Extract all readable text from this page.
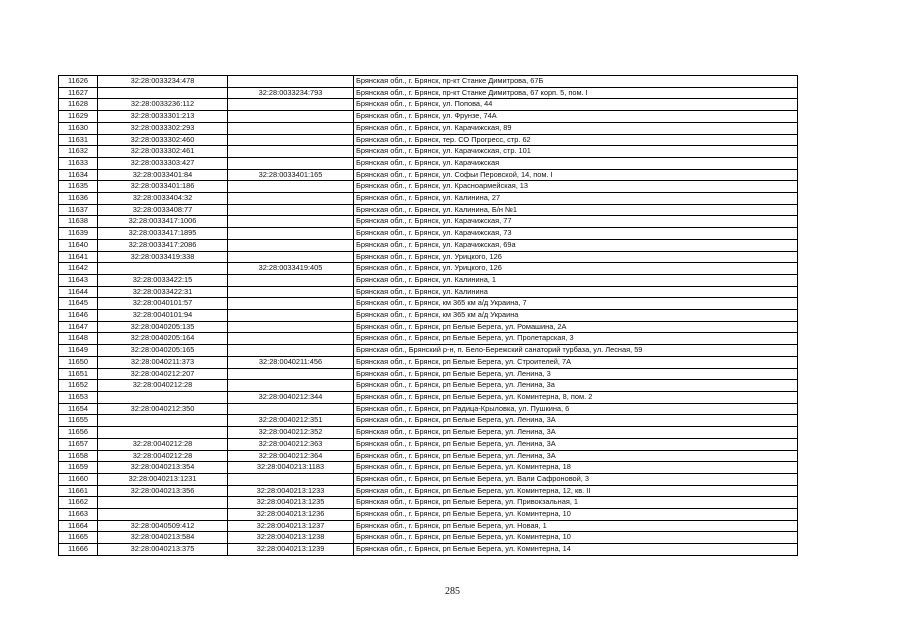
11626	32:28:0033234:478		Брянская обл., г. Брянск, пр-кт Станке Димитрова, 67Б
11627		32:28:0033234:793	Брянская обл., г. Брянск, пр-кт Станке Димитрова, 67 корп. 5, пом. I
11628	32:28:0033236:112		Брянская обл., г. Брянск, ул. Попова, 44
11629	32:28:0033301:213		Брянская обл., г. Брянск, ул. Фрунзе, 74А
11630	32:28:0033302:293		Брянская обл., г. Брянск, ул. Карачижская, 89
11631	32:28:0033302:460		Брянская обл., г. Брянск, тер. СО Прогресс, стр. 62
11632	32:28:0033302:461		Брянская обл., г. Брянск, ул. Карачижская, стр. 101
11633	32:28:0033303:427		Брянская обл., г. Брянск, ул. Карачижская
11634	32:28:0033401:84	32:28:0033401:165	Брянская обл., г. Брянск, ул. Софьи Перовской, 14, пом. I
11635	32:28:0033401:186		Брянская обл., г. Брянск, ул. Красноармейская, 13
11636	32:28:0033404:32		Брянская обл., г. Брянск, ул. Калинина, 27
11637	32:28:0033408:77		Брянская обл., г. Брянск, ул. Калинина, Б/н №1
11638	32:28:0033417:1006		Брянская обл., г. Брянск, ул. Карачижская, 77
11639	32:28:0033417:1895		Брянская обл., г. Брянск, ул. Карачижская, 73
11640	32:28:0033417:2086		Брянская обл., г. Брянск, ул. Карачижская, 69а
11641	32:28:0033419:338		Брянская обл., г. Брянск, ул. Урицкого, 126
11642		32:28:0033419:405	Брянская обл., г. Брянск, ул. Урицкого, 126
11643	32:28:0033422:15		Брянская обл., г. Брянск, ул. Калинина, 1
11644	32:28:0033422:31		Брянская обл., г. Брянск, ул. Калинина
11645	32:28:0040101:57		Брянская обл., г. Брянск, км 365 км а/д Украина, 7
11646	32:28:0040101:94		Брянская обл., г. Брянск, км 365 км а/д Украина
11647	32:28:0040205:135		Брянская обл., г. Брянск, рп Белые Берега, ул. Ромашина, 2А
11648	32:28:0040205:164		Брянская обл., г. Брянск, рп Белые Берега, ул. Пролетарская, 3
11649	32:28:0040205:165		Брянская обл., Брянский р-н, п. Бело-Бережский санаторий турбаза, ул. Лесная, 59
11650	32:28:0040211:373	32:28:0040211:456	Брянская обл., г. Брянск, рп Белые Берега, ул. Строителей, 7А
11651	32:28:0040212:207		Брянская обл., г. Брянск, рп Белые Берега, ул. Ленина, 3
11652	32:28:0040212:28		Брянская обл., г. Брянск, рп Белые Берега, ул. Ленина, 3а
11653		32:28:0040212:344	Брянская обл., г. Брянск, рп Белые Берега, ул. Коминтерна, 8, пом. 2
11654	32:28:0040212:350		Брянская обл., г. Брянск, рп Радица-Крыловка, ул. Пушкина, 6
11655		32:28:0040212:351	Брянская обл., г. Брянск, рп Белые Берега, ул. Ленина, 3А
11656		32:28:0040212:352	Брянская обл., г. Брянск, рп Белые Берега, ул. Ленина, 3А
11657	32:28:0040212:28	32:28:0040212:363	Брянская обл., г. Брянск, рп Белые Берега, ул. Ленина, 3А
11658	32:28:0040212:28	32:28:0040212:364	Брянская обл., г. Брянск, рп Белые Берега, ул. Ленина, 3А
11659	32:28:0040213:354	32:28:0040213:1183	Брянская обл., г. Брянск, рп Белые Берега, ул. Коминтерна, 18
11660	32:28:0040213:1231		Брянская обл., г. Брянск, рп Белые Берега, ул. Вали Сафроновой, 3
11661	32:28:0040213:356	32:28:0040213:1233	Брянская обл., г. Брянск, рп Белые Берега, ул. Коминтерна, 12, кв. II
11662		32:28:0040213:1235	Брянская обл., г. Брянск, рп Белые Берега, ул. Привокзальная, 1
11663		32:28:0040213:1236	Брянская обл., г. Брянск, рп Белые Берега, ул. Коминтерна, 10
11664	32:28:0040509:412	32:28:0040213:1237	Брянская обл., г. Брянск, рп Белые Берега, ул. Новая, 1
11665	32:28:0040213:584	32:28:0040213:1238	Брянская обл., г. Брянск, рп Белые Берега, ул. Коминтерна, 10
11666	32:28:0040213:375	32:28:0040213:1239	Брянская обл., г. Брянск, рп Белые Берега, ул. Коминтерна, 14
285
